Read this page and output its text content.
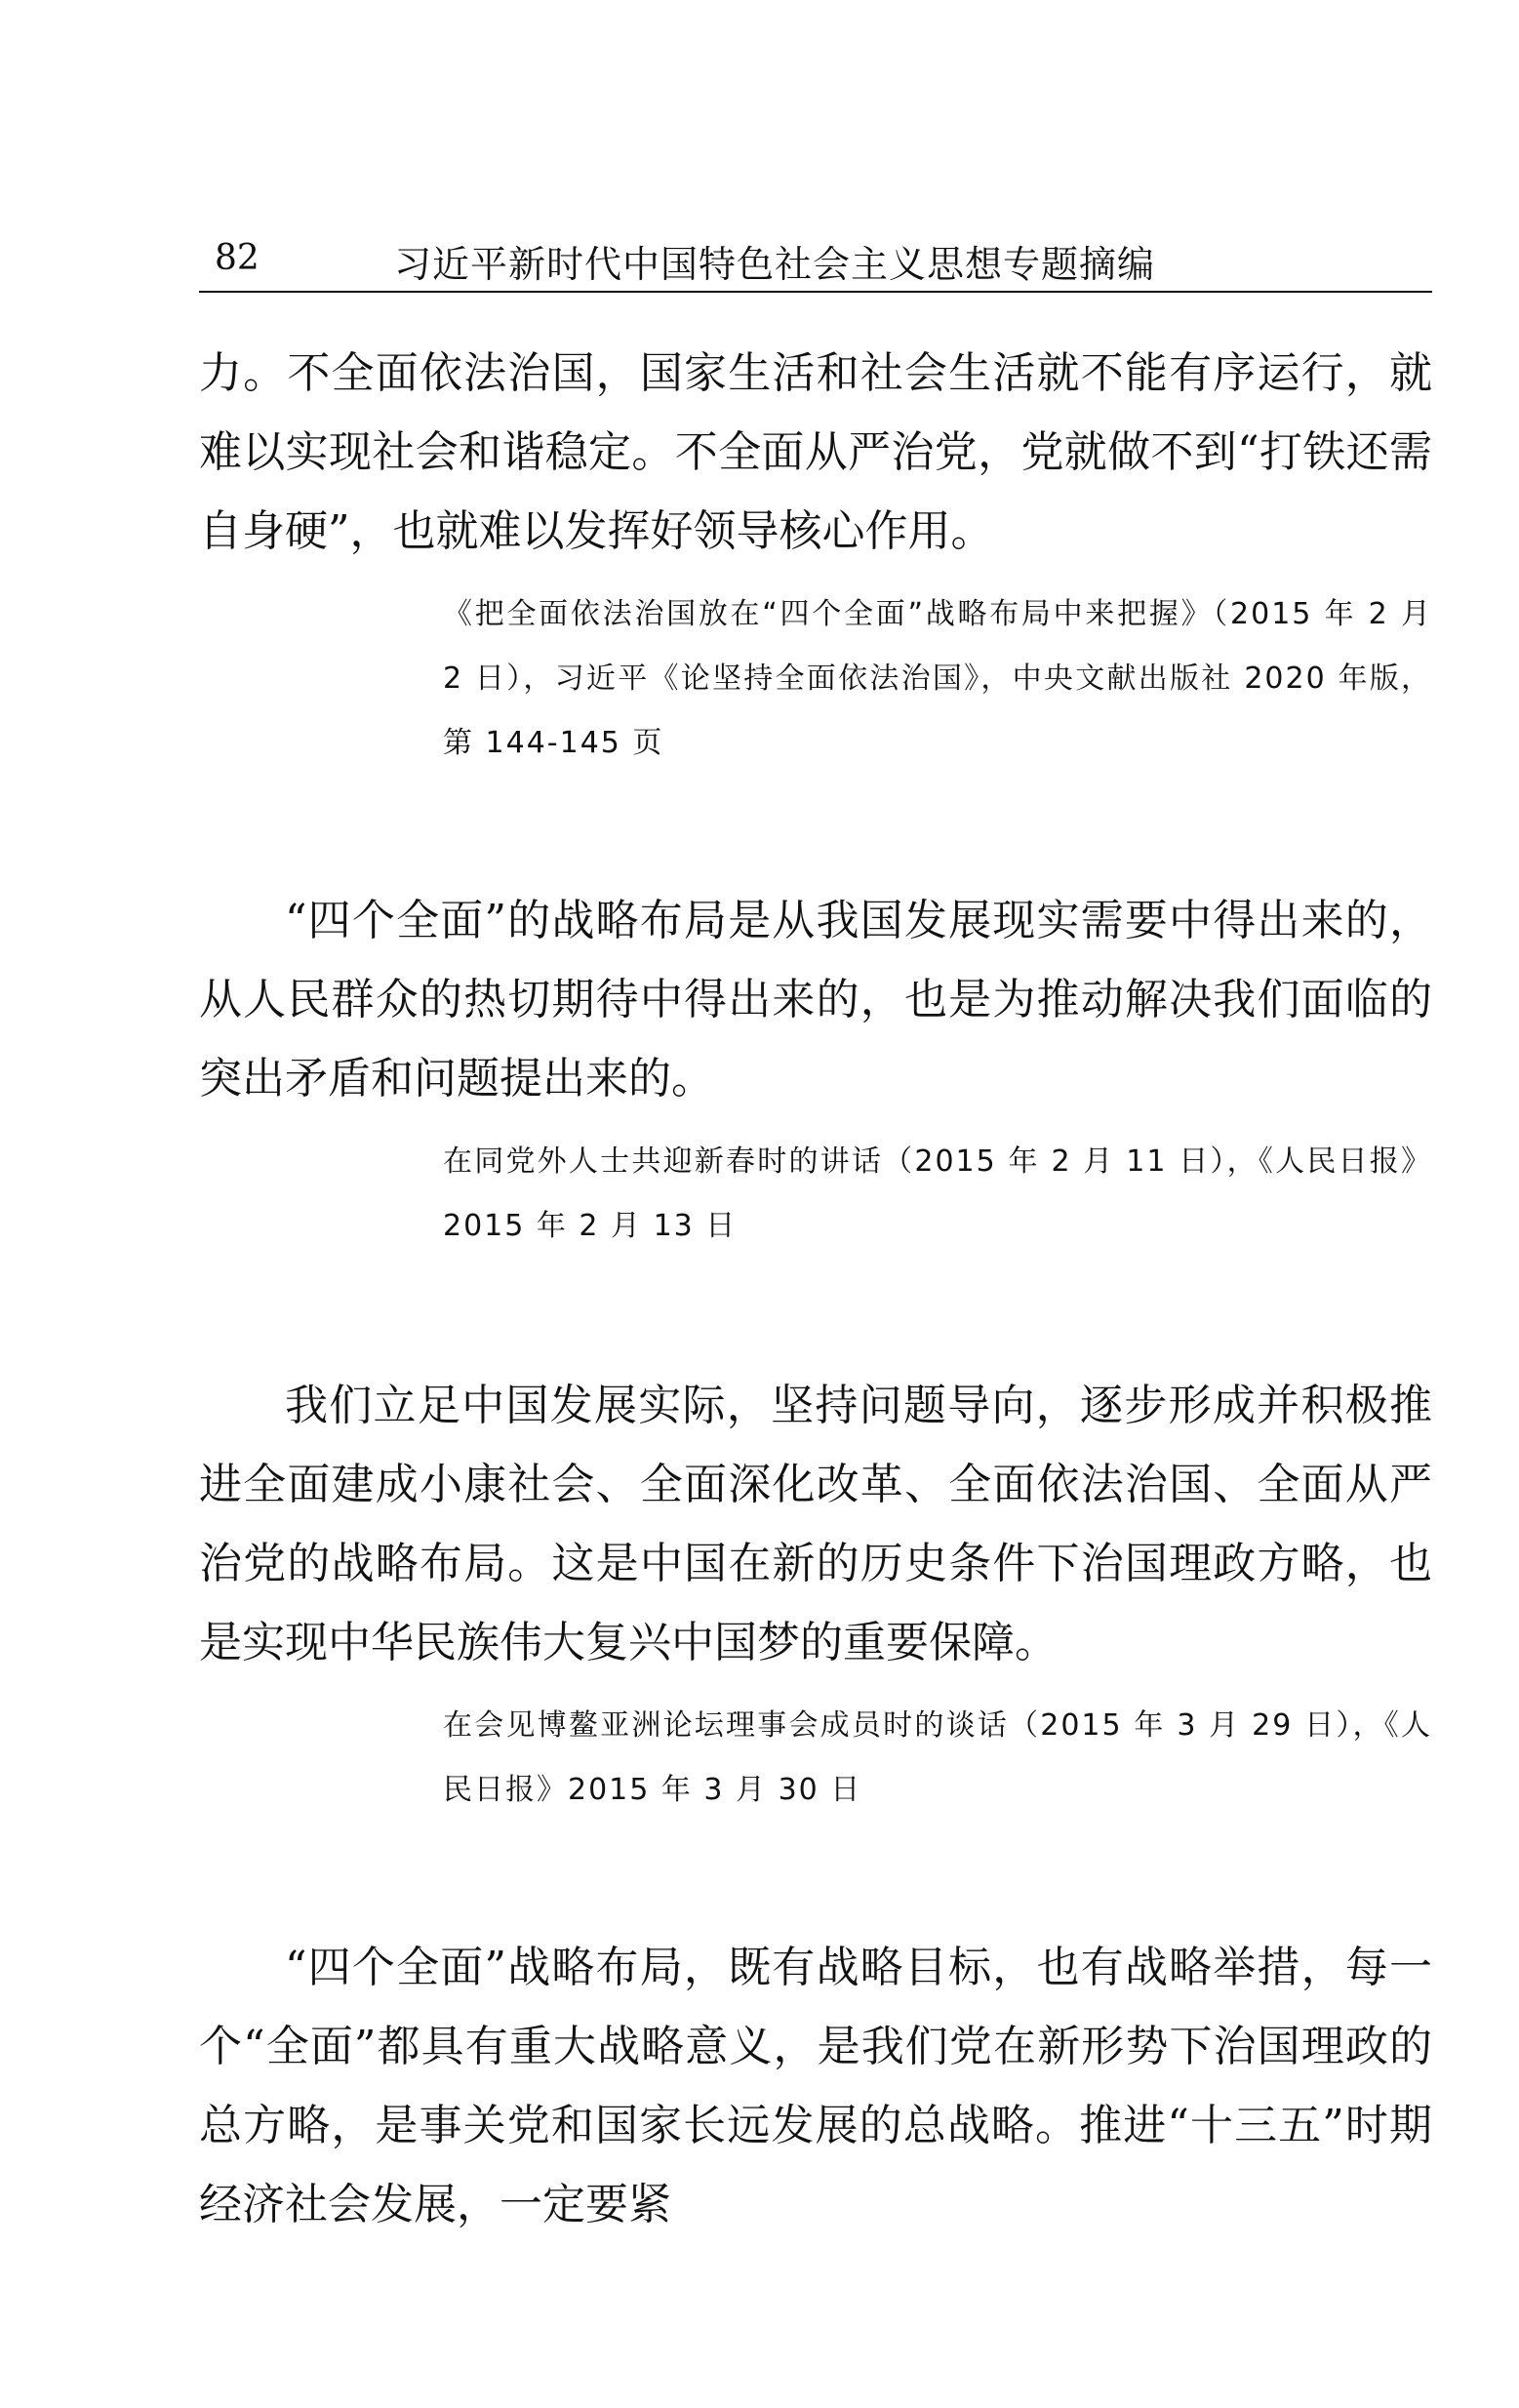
82	习近平新时代中国特色社会主义思想专题摘编

力。不全面依法治国，国家生活和社会生活就不能有序运行，就难以实现社会和谐稳定。不全面从严治党，党就做不到“打铁还需自身硬”，也就难以发挥好领导核心作用。

《把全面依法治国放在“四个全面”战略布局中来把握》（2015 年 2 月 2 日），习近平《论坚持全面依法治国》，中央文献出版社 2020 年版，第 144-145 页

“四个全面”的战略布局是从我国发展现实需要中得出来的，从人民群众的热切期待中得出来的，也是为推动解决我们面临的突出矛盾和问题提出来的。

在同党外人士共迎新春时的讲话（2015 年 2 月 11 日），《人民日报》2015 年 2 月 13 日

我们立足中国发展实际，坚持问题导向，逐步形成并积极推进全面建成小康社会、全面深化改革、全面依法治国、全面从严治党的战略布局。这是中国在新的历史条件下治国理政方略，也是实现中华民族伟大复兴中国梦的重要保障。

在会见博鳌亚洲论坛理事会成员时的谈话（2015 年 3 月 29 日），《人民日报》2015 年 3 月 30 日

“四个全面”战略布局，既有战略目标，也有战略举措，每一个“全面”都具有重大战略意义，是我们党在新形势下治国理政的总方略，是事关党和国家长远发展的总战略。推进“十三五”时期经济社会发展，一定要紧
